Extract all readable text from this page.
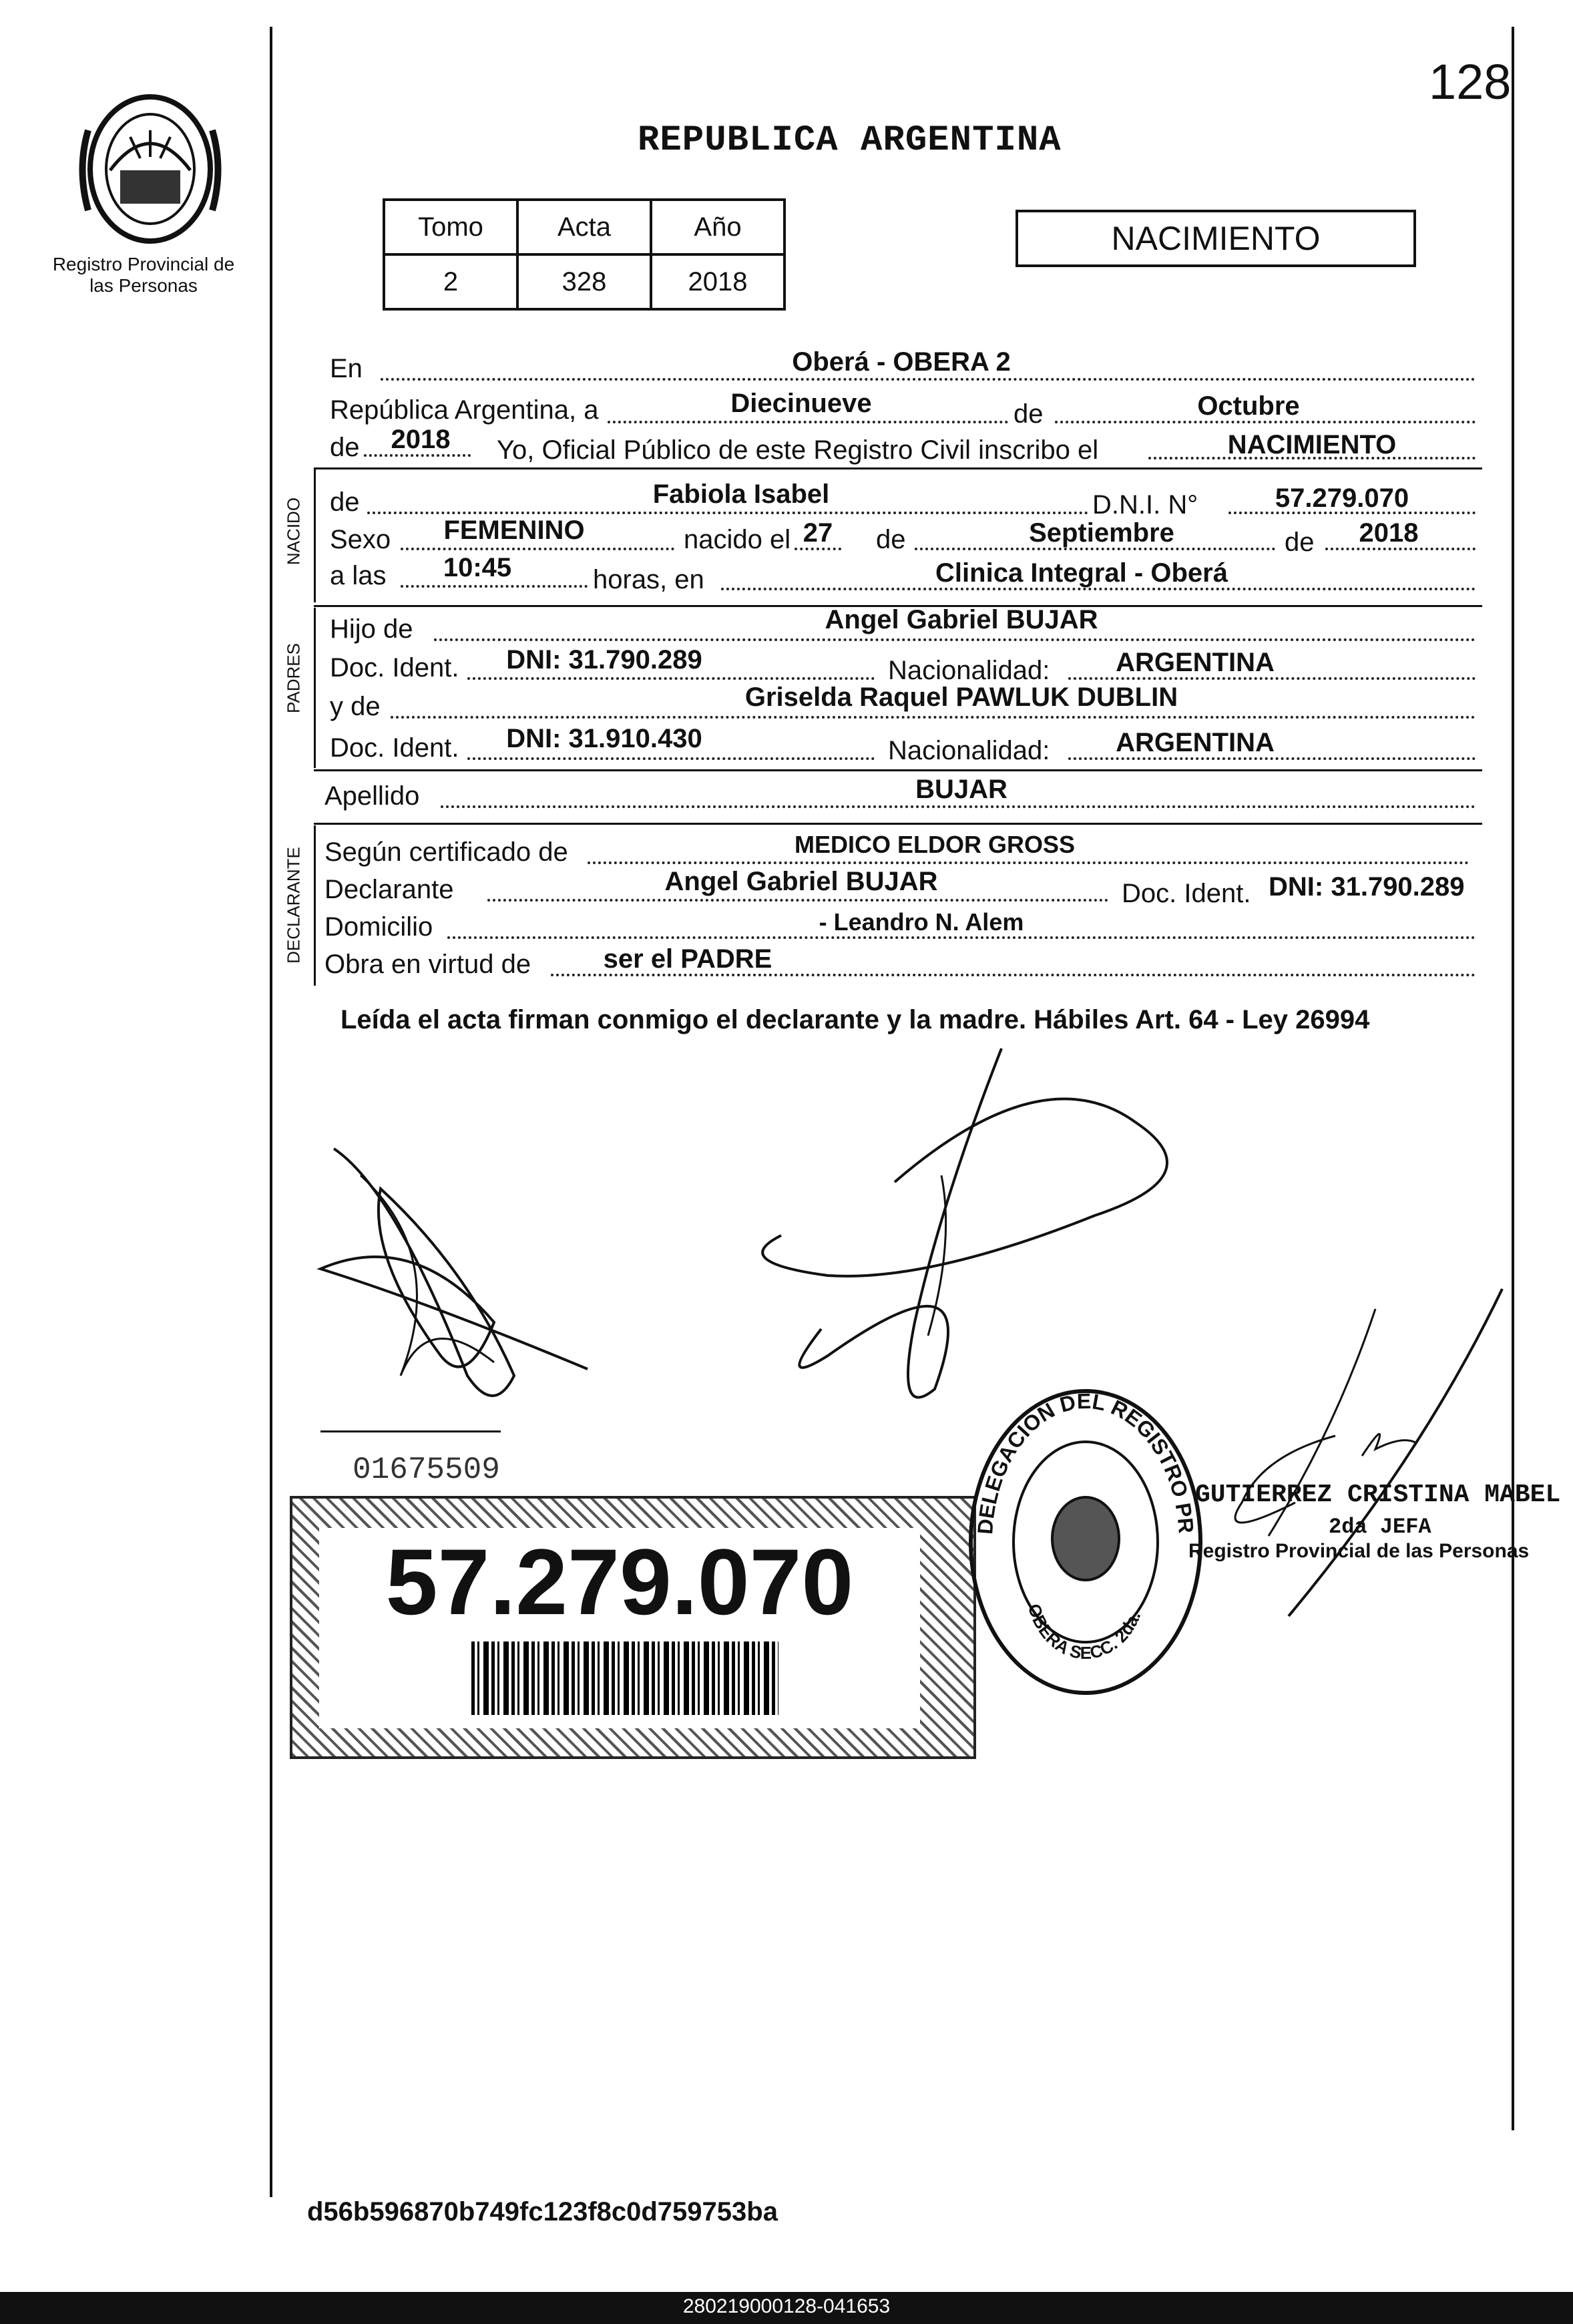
128
Registro Provincial de las Personas
REPUBLICA ARGENTINA
Tomo	Acta	Año
2	328	2018
NACIMIENTO
En	Oberá - OBERA 2
República Argentina, a	Diecinueve	de	Octubre
de	2018	Yo, Oficial Público de este Registro Civil inscribo el	NACIMIENTO
NACIDO de	Fabiola Isabel	D.N.I. N°	57.279.070
Sexo	FEMENINO	nacido el 27	de	Septiembre	de	2018
a las	10:45	horas, en	Clinica Integral - Oberá
PADRES
Hijo de	Angel Gabriel BUJAR
Doc. Ident.	DNI: 31.790.289	Nacionalidad:	ARGENTINA
y de	Griselda Raquel PAWLUK DUBLIN
Doc. Ident.	DNI: 31.910.430	Nacionalidad:	ARGENTINA
Apellido	BUJAR
DECLARANTE Según certificado de	MEDICO ELDOR GROSS
Declarante	Angel Gabriel BUJAR	Doc. Ident. DNI: 31.790.289
Domicilio	- Leandro N. Alem
Obra en virtud de	ser el PADRE
Leída el acta firman conmigo el declarante y la madre. Hábiles Art. 64 - Ley 26994
01675509
57.279.070
DELEGACION DEL REGISTRO PR
OBERA SECC. 2da.
GUTIERREZ CRISTINA MABEL
2da JEFA
Registro Provincial de las Personas
d56b596870b749fc123f8c0d759753ba
280219000128-041653
